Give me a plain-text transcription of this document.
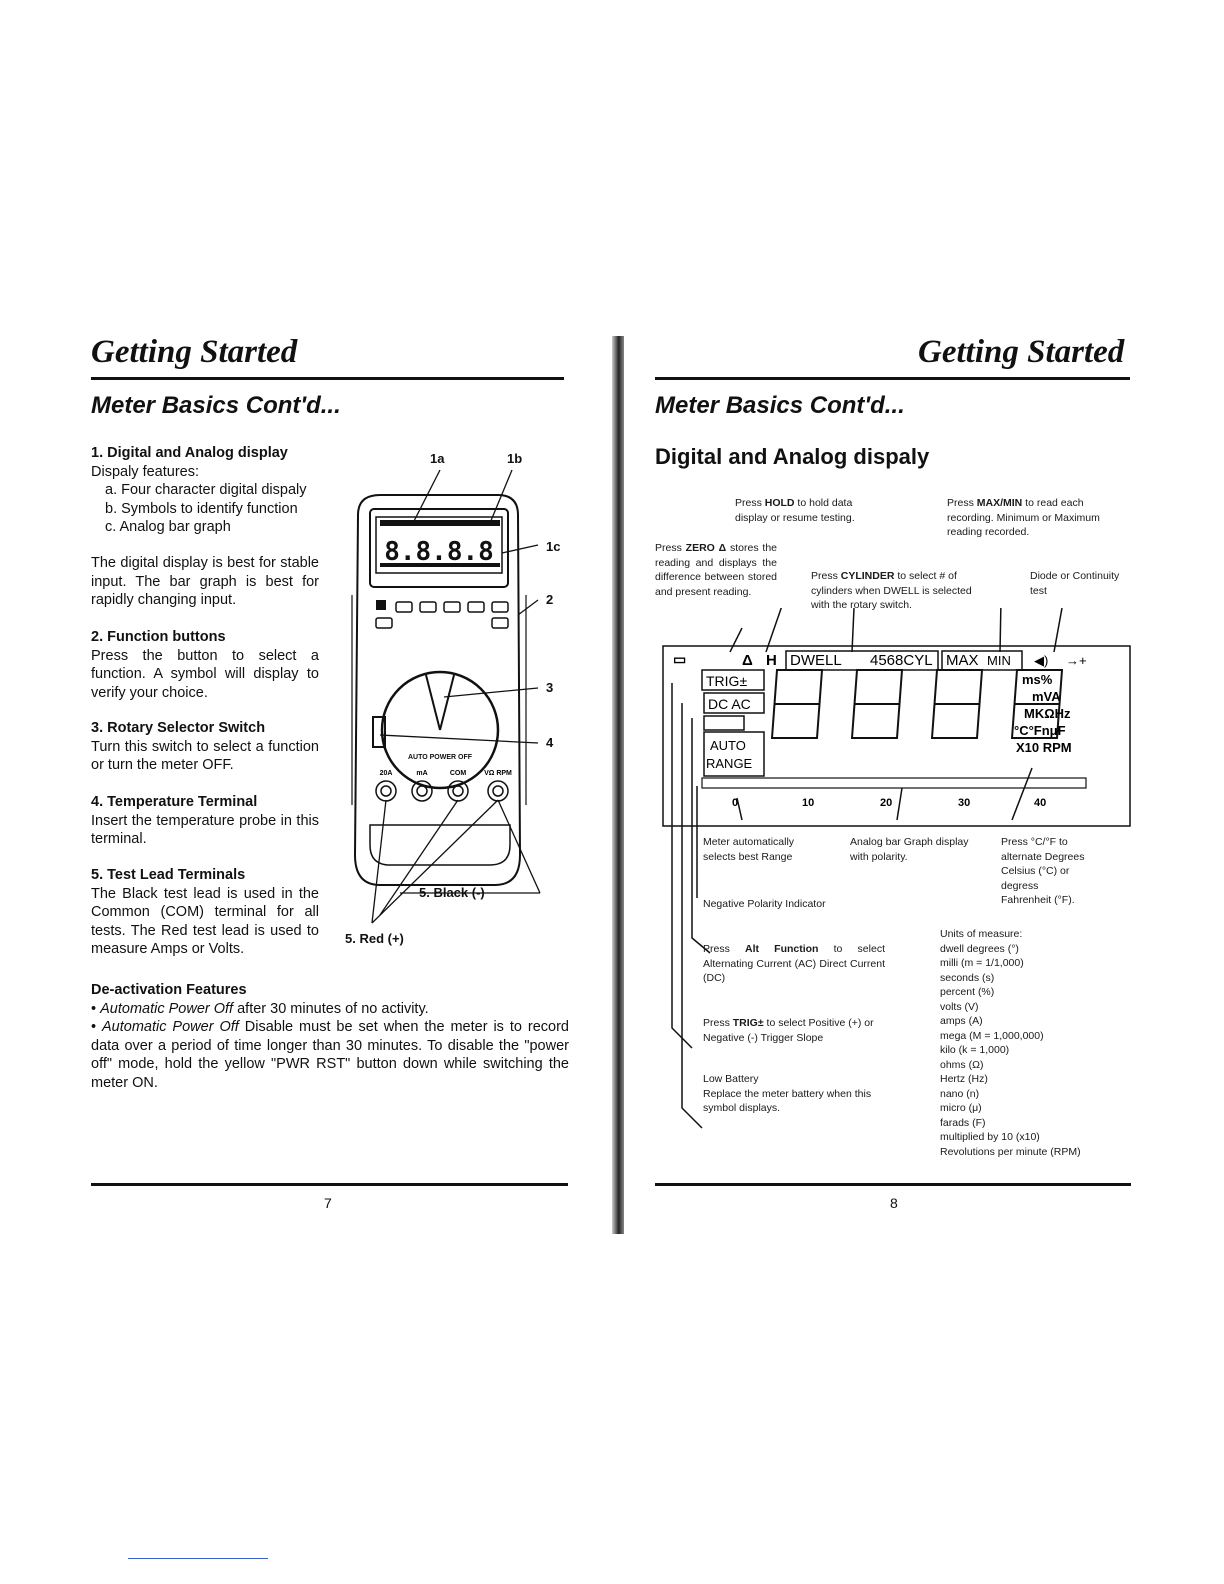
Getting Started
Meter Basics Cont'd...

1. Digital and Analog display

Dispaly features:

a. Four character digital dispaly

b. Symbols to identify function

c. Analog bar graph

The digital display is best for stable input. The bar graph is best for rapidly changing input.

2. Function buttons

Press the button to select a function. A symbol will display to verify your choice.

3. Rotary Selector Switch

Turn this switch to select a function or turn the meter OFF.

4. Temperature Terminal

Insert the temperature probe in this terminal.

5. Test Lead Terminals

The Black test lead is used in the Common (COM) terminal for all tests. The Red test lead is used to measure Amps or Volts.

De-activation Features

• Automatic Power Off after 30 minutes of no activity.

• Automatic Power Off Disable must be set when the meter is to record data over a period of time longer than 30 minutes. To disable the "power off" mode, hold the yellow "PWR RST" button down while switching the meter ON.

8.8.8.8
AUTO POWER OFF
20A	mA	COM	VΩ RPM
1a	1b
1c
2
3
4
5. Black (-)
5. Red (+)
7
Getting Started
Meter Basics Cont'd...
Digital and Analog dispaly
Press HOLD to hold data display or resume testing.
Press MAX/MIN to read each recording. Minimum or Maximum reading recorded.
Press ZERO Δ stores the reading and displays the difference between stored and present reading.
Press CYLINDER to select # of cylinders when DWELL is selected with the rotary switch.
Diode or Continuity test
▭	Δ H DWELL 4568CYL MAX MIN ◀) →+
TRIG±
DC AC
AUTO
RANGE
ms%
mVA
MKΩHz
°C°FnμF
X10 RPM
0	10	20	30	40
Meter automatically selects best Range
Analog bar Graph display with polarity.
Press °C/°F to alternate Degrees Celsius (°C) or degress Fahrenheit (°F).
Negative Polarity Indicator
Press Alt Function to select Alternating Current (AC) Direct Current (DC)
Press TRIG± to select Positive (+) or Negative (-) Trigger Slope

Low Battery

Replace the meter battery when this symbol displays.

Units of measure:

dwell degrees (°)

milli (m = 1/1,000)

seconds (s)

percent (%)

volts (V)

amps (A)

mega (M = 1,000,000)

kilo (k = 1,000)

ohms (Ω)

Hertz (Hz)

nano (n)

micro (μ)

farads (F)

multiplied by 10 (x10)

Revolutions per minute (RPM)

8
